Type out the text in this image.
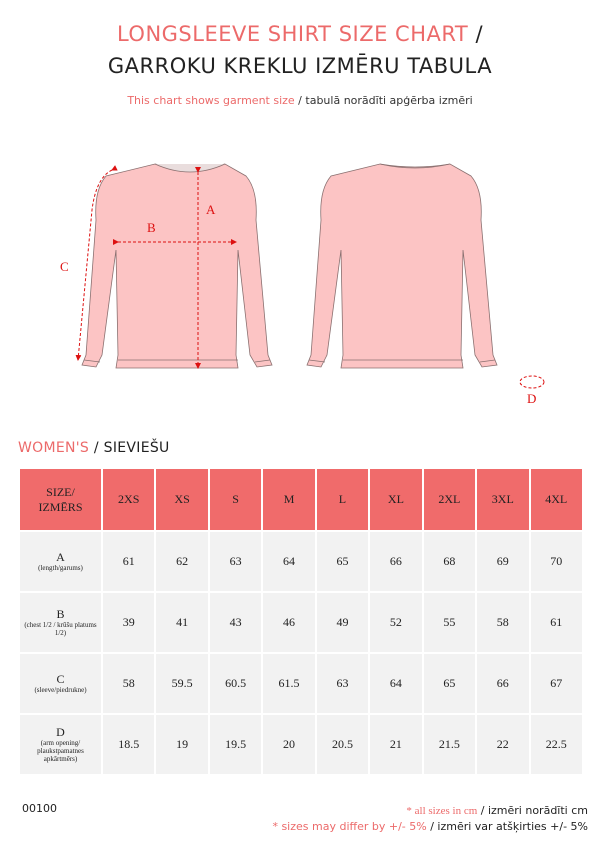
LONGSLEEVE SHIRT SIZE CHART /
GARROKU KREKLU IZMĒRU TABULA
This chart shows garment size / tabulā norādīti apģērba izmēri
A
B
C
D
WOMEN'S / SIEVIEŠU
SIZE/
IZMĒRS	2XS	XS	S	M	L	XL	2XL	3XL	4XL

A
(length/garums)	61	62	63	64	65	66	68	69	70

B
(chest 1/2 / krūšu platums 1/2)	39	41	43	46	49	52	55	58	61

C
(sleeve/piedrukne)	58	59.5	60.5	61.5	63	64	65	66	67

D
(arm opening/ plaukstpamatnes apkārtmērs)	18.5	19	19.5	20	20.5	21	21.5	22	22.5
00100	* all sizes in cm / izmēri norādīti cm
* sizes may differ by +/- 5% / izmēri var atšķirties +/- 5%
